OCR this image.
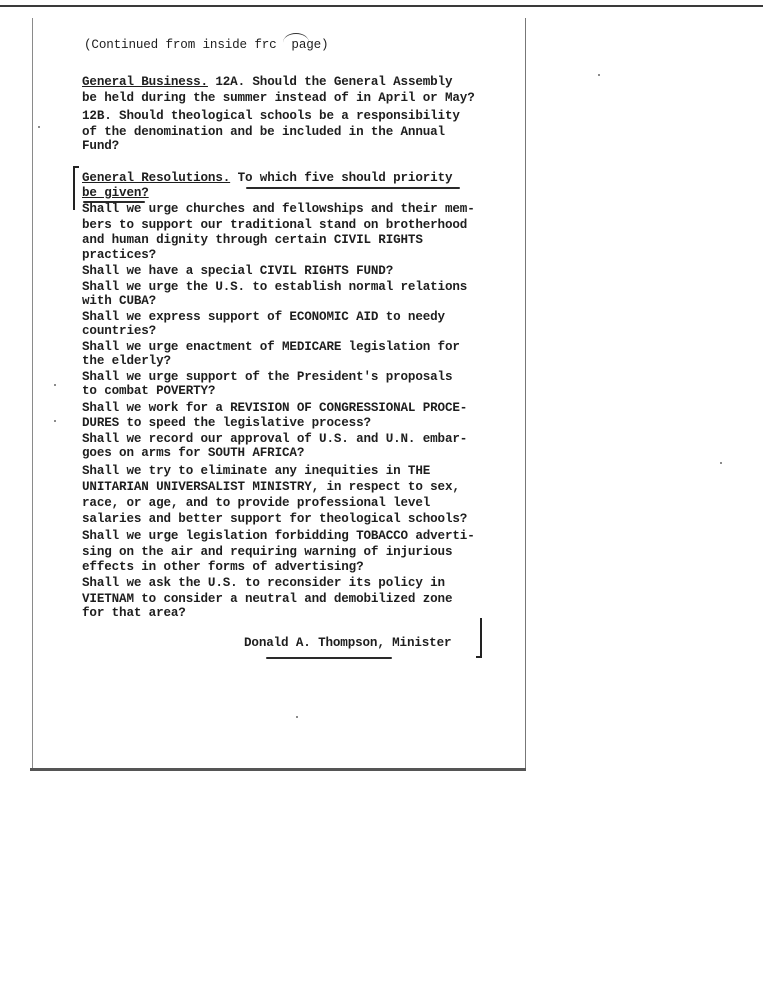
(Continued from inside frc  page)
General Business. 12A. Should the General Assembly
be held during the summer instead of in April or May?
12B. Should theological schools be a responsibility
of the denomination and be included in the Annual
Fund?
General Resolutions. To which five should priority
be given?
Shall we urge churches and fellowships and their mem-
bers to support our traditional stand on brotherhood
and human dignity through certain CIVIL RIGHTS
practices?
Shall we have a special CIVIL RIGHTS FUND?
Shall we urge the U.S. to establish normal relations
with CUBA?
Shall we express support of ECONOMIC AID to needy
countries?
Shall we urge enactment of MEDICARE legislation for
the elderly?
Shall we urge support of the President's proposals
to combat POVERTY?
Shall we work for a REVISION OF CONGRESSIONAL PROCE-
DURES to speed the legislative process?
Shall we record our approval of U.S. and U.N. embar-
goes on arms for SOUTH AFRICA?
Shall we try to eliminate any inequities in THE
UNITARIAN UNIVERSALIST MINISTRY, in respect to sex,
race, or age, and to provide professional level
salaries and better support for theological schools?
Shall we urge legislation forbidding TOBACCO adverti-
sing on the air and requiring warning of injurious
effects in other forms of advertising?
Shall we ask the U.S. to reconsider its policy in
VIETNAM to consider a neutral and demobilized zone
for that area?
Donald A. Thompson, Minister
